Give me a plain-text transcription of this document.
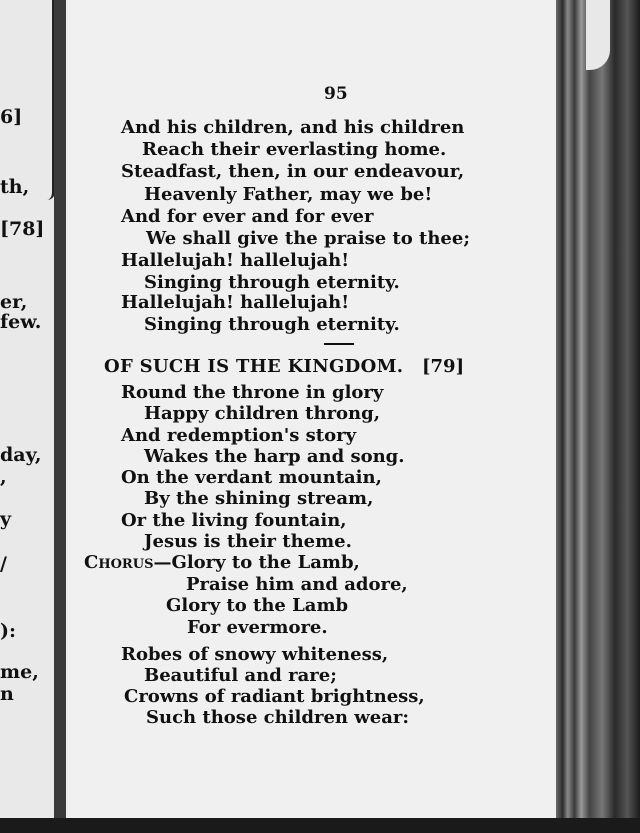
6]
th,
[78]
er,
few.
day,
,
y
/
):
me,
n
95
And his children, and his children
Reach their everlasting home.
Steadfast, then, in our endeavour,
Heavenly Father, may we be!
And for ever and for ever
We shall give the praise to thee;
Hallelujah! hallelujah!
Singing through eternity.
Hallelujah! hallelujah!
Singing through eternity.
OF SUCH IS THE KINGDOM. [79]
Round the throne in glory
Happy children throng,
And redemption's story
Wakes the harp and song.
On the verdant mountain,
By the shining stream,
Or the living fountain,
Jesus is their theme.
Chorus—Glory to the Lamb,
Praise him and adore,
Glory to the Lamb
For evermore.
Robes of snowy whiteness,
Beautiful and rare;
Crowns of radiant brightness,
Such those children wear:
